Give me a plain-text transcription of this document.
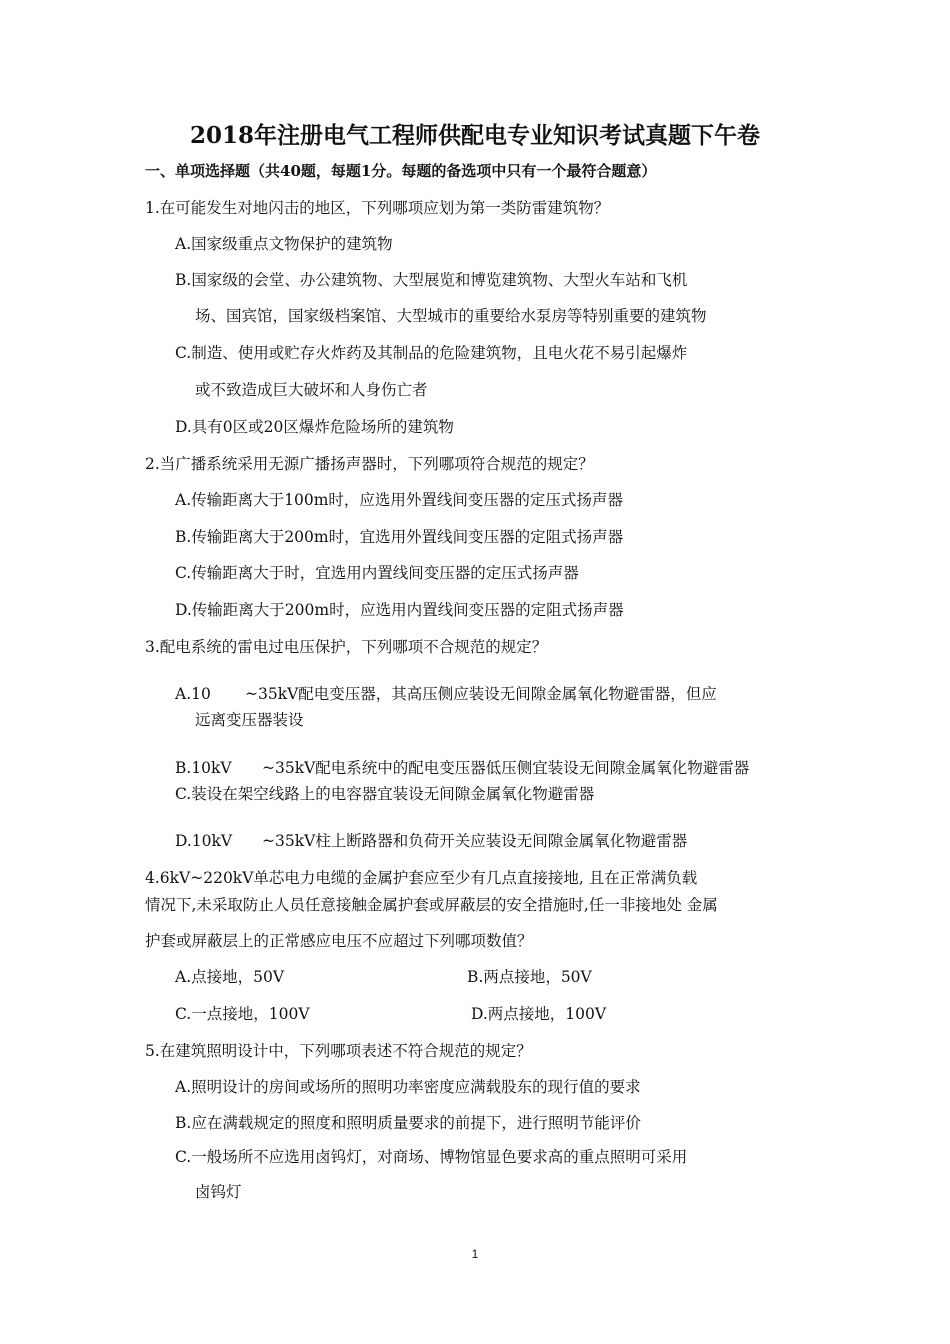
2018年注册电气工程师供配电专业知识考试真题下午卷
一、单项选择题（共40题，每题1分。每题的备选项中只有一个最符合题意）
1.在可能发生对地闪击的地区，下列哪项应划为第一类防雷建筑物？
A.国家级重点文物保护的建筑物
B.国家级的会堂、办公建筑物、大型展览和博览建筑物、大型火车站和飞机
场、国宾馆，国家级档案馆、大型城市的重要给水泵房等特别重要的建筑物
C.制造、使用或贮存火炸药及其制品的危险建筑物，且电火花不易引起爆炸
或不致造成巨大破坏和人身伤亡者
D.具有0区或20区爆炸危险场所的建筑物
2.当广播系统采用无源广播扬声器时，下列哪项符合规范的规定？
A.传输距离大于100m时，应选用外置线间变压器的定压式扬声器
B.传输距离大于200m时，宜选用外置线间变压器的定阻式扬声器
C.传输距离大于时，宜选用内置线间变压器的定压式扬声器
D.传输距离大于200m时，应选用内置线间变压器的定阻式扬声器
3.配电系统的雷电过电压保护，下列哪项不合规范的规定？
A.10 ~35kV配电变压器，其高压侧应装设无间隙金属氧化物避雷器，但应
远离变压器装设
B.10kV ~35kV配电系统中的配电变压器低压侧宜装设无间隙金属氧化物避雷器
C.装设在架空线路上的电容器宜装设无间隙金属氧化物避雷器
D.10kV ~35kV柱上断路器和负荷开关应装设无间隙金属氧化物避雷器
4.6kV~220kV单芯电力电缆的金属护套应至少有几点直接接地, 且在正常满负载
情况下,未采取防止人员任意接触金属护套或屏蔽层的安全措施时,任一非接地处 金属
护套或屏蔽层上的正常感应电压不应超过下列哪项数值？
A.点接地，50V	B.两点接地，50V
C.一点接地，100V	D.两点接地，100V
5.在建筑照明设计中，下列哪项表述不符合规范的规定？
A.照明设计的房间或场所的照明功率密度应满载股东的现行值的要求
B.应在满载规定的照度和照明质量要求的前提下，进行照明节能评价
C.一般场所不应选用卤钨灯，对商场、博物馆显色要求高的重点照明可采用
卤钨灯
1
